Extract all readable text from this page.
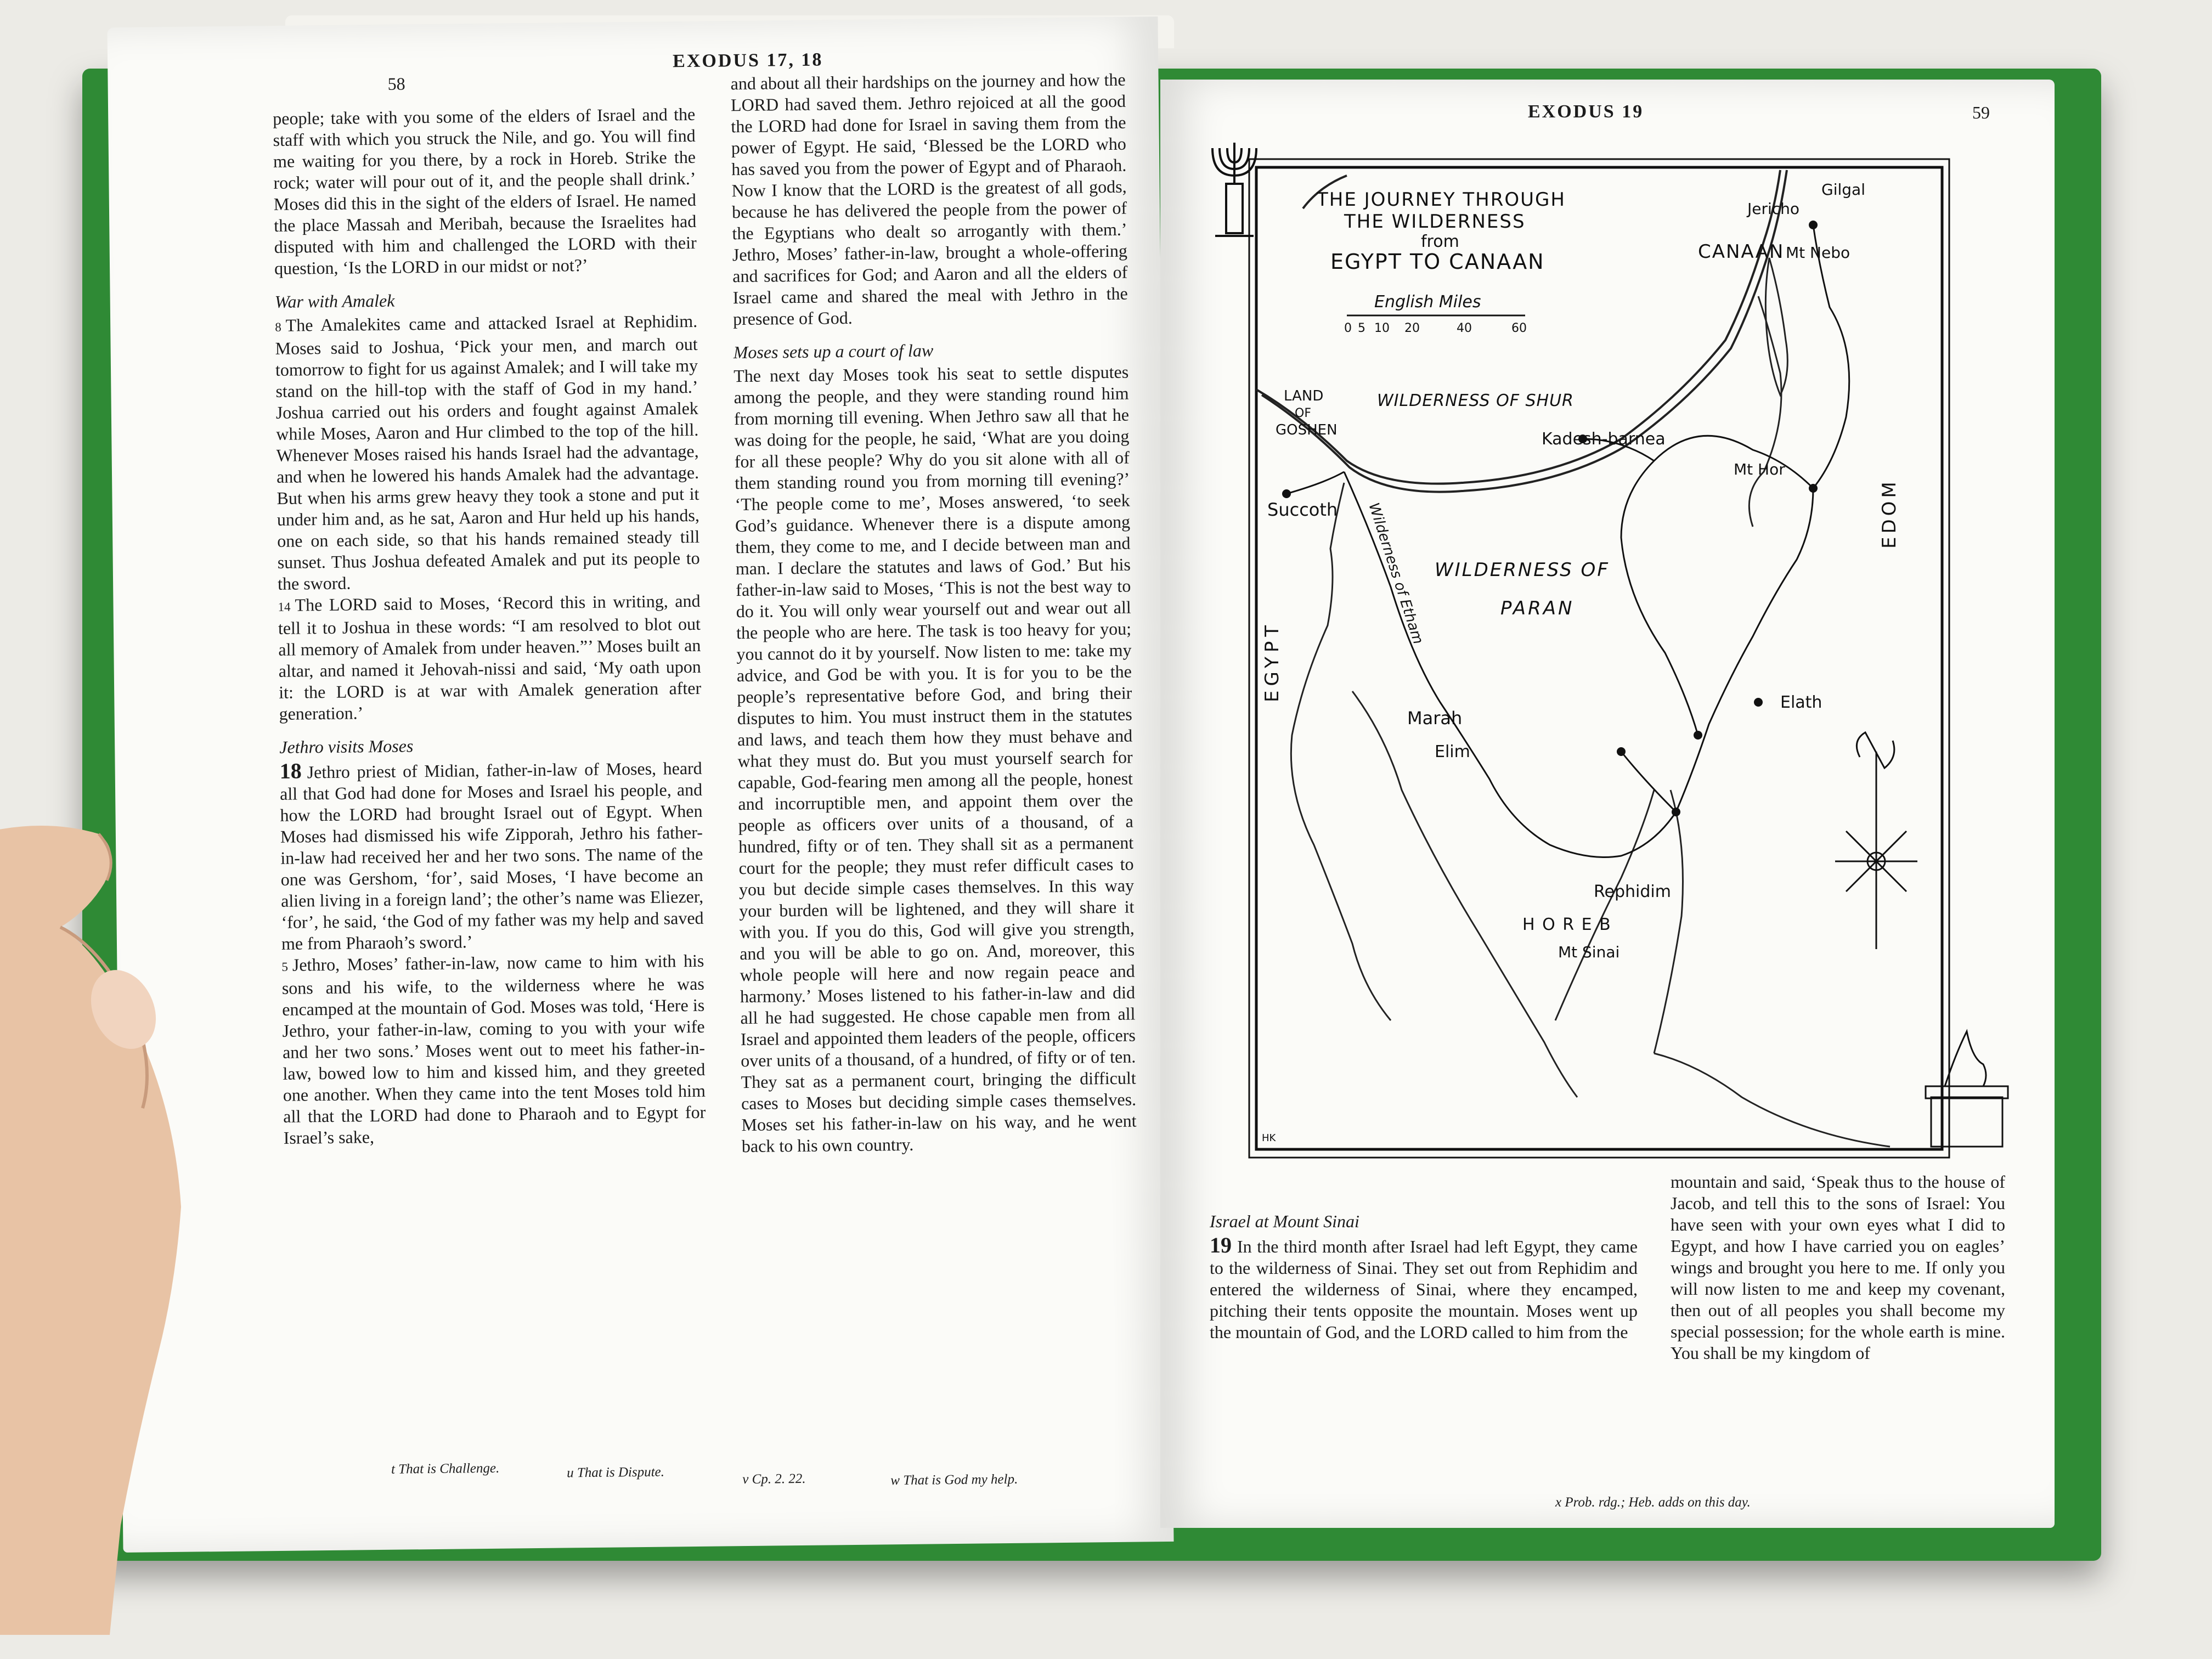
58
EXODUS 17, 18

people; take with you some of the elders of Israel and the staff with which you struck the Nile, and go. You will find me waiting for you there, by a rock in Horeb. Strike the rock; water will pour out of it, and the people shall drink.’ Moses did this in the sight of the elders of Israel. He named the place Massah and Meribah, because the Israelites had disputed with him and challenged the LORD with their question, ‘Is the LORD in our midst or not?’

War with Amalek

8 The Amalekites came and attacked Israel at Rephidim. Moses said to Joshua, ‘Pick your men, and march out tomorrow to fight for us against Amalek; and I will take my stand on the hill-top with the staff of God in my hand.’ Joshua carried out his orders and fought against Amalek while Moses, Aaron and Hur climbed to the top of the hill. Whenever Moses raised his hands Israel had the advantage, and when he lowered his hands Amalek had the advantage. But when his arms grew heavy they took a stone and put it under him and, as he sat, Aaron and Hur held up his hands, one on each side, so that his hands remained steady till sunset. Thus Joshua defeated Amalek and put its people to the sword.

14 The LORD said to Moses, ‘Record this in writing, and tell it to Joshua in these words: “I am resolved to blot out all memory of Amalek from under heaven.”’ Moses built an altar, and named it Jehovah-nissi and said, ‘My oath upon it: the LORD is at war with Amalek generation after generation.’

Jethro visits Moses

18 Jethro priest of Midian, father-in-law of Moses, heard all that God had done for Moses and Israel his people, and how the LORD had brought Israel out of Egypt. When Moses had dismissed his wife Zipporah, Jethro his father-in-law had received her and her two sons. The name of the one was Gershom, ‘for’, said Moses, ‘I have become an alien living in a foreign land’; the other’s name was Eliezer, ‘for’, he said, ‘the God of my father was my help and saved me from Pharaoh’s sword.’

5 Jethro, Moses’ father-in-law, now came to him with his sons and his wife, to the wilderness where he was encamped at the mountain of God. Moses was told, ‘Here is Jethro, your father-in-law, coming to you with your wife and her two sons.’ Moses went out to meet his father-in-law, bowed low to him and kissed him, and they greeted one another. When they came into the tent Moses told him all that the LORD had done to Pharaoh and to Egypt for Israel’s sake,

and about all their hardships on the journey and how the LORD had saved them. Jethro rejoiced at all the good the LORD had done for Israel in saving them from the power of Egypt. He said, ‘Blessed be the LORD who has saved you from the power of Egypt and of Pharaoh. Now I know that the LORD is the greatest of all gods, because he has delivered the people from the power of the Egyptians who dealt so arrogantly with them.’ Jethro, Moses’ father-in-law, brought a whole-offering and sacrifices for God; and Aaron and all the elders of Israel came and shared the meal with Jethro in the presence of God.

Moses sets up a court of law

The next day Moses took his seat to settle disputes among the people, and they were standing round him from morning till evening. When Jethro saw all that he was doing for the people, he said, ‘What are you doing for all these people? Why do you sit alone with all of them standing round you from morning till evening?’ ‘The people come to me’, Moses answered, ‘to seek God’s guidance. Whenever there is a dispute among them, they come to me, and I decide between man and man. I declare the statutes and laws of God.’ But his father-in-law said to Moses, ‘This is not the best way to do it. You will only wear yourself out and wear out all the people who are here. The task is too heavy for you; you cannot do it by yourself. Now listen to me: take my advice, and God be with you. It is for you to be the people’s representative before God, and bring their disputes to him. You must instruct them in the statutes and laws, and teach them how they must behave and what they must do. But you must yourself search for capable, God-fearing men among all the people, honest and incorruptible men, and appoint them over the people as officers over units of a thousand, of a hundred, fifty or of ten. They shall sit as a permanent court for the people; they must refer difficult cases to you but decide simple cases themselves. In this way your burden will be lightened, and they will share it with you. If you do this, God will give you strength, and you will be able to go on. And, moreover, this whole people will here and now regain peace and harmony.’ Moses listened to his father-in-law and did all he had suggested. He chose capable men from all Israel and appointed them leaders of the people, officers over units of a thousand, of a hundred, of fifty or of ten. They sat as a permanent court, bringing the difficult cases to Moses but deciding simple cases themselves. Moses set his father-in-law on his way, and he went back to his own country.

t That is Challenge.	u That is Dispute.	v Cp. 2. 22.	w That is God my help.
EXODUS 19	59
THE JOURNEY THROUGH
THE WILDERNESS
from
EGYPT TO CANAAN
English Miles
0 5 10 20	40	60
Jericho
Gilgal
CANAAN Mt Nebo
LAND
OF
GOSHEN
WILDERNESS OF SHUR
Kadesh-barnea
Mt Hor
EDOM
Succoth Wilderness of Etham WILDERNESS OF
PARAN
EGYPT
Marah
Elim
Elath
Rephidim
H O R E B
Mt Sinai
HK

Israel at Mount Sinai

19 In the third month after Israel had left Egypt, they came to the wilderness of Sinai. They set out from Rephidim and entered the wilderness of Sinai, where they encamped, pitching their tents opposite the mountain. Moses went up the mountain of God, and the LORD called to him from the

mountain and said, ‘Speak thus to the house of Jacob, and tell this to the sons of Israel: You have seen with your own eyes what I did to Egypt, and how I have carried you on eagles’ wings and brought you here to me. If only you will now listen to me and keep my covenant, then out of all peoples you shall become my special possession; for the whole earth is mine. You shall be my kingdom of

x Prob. rdg.; Heb. adds on this day.
